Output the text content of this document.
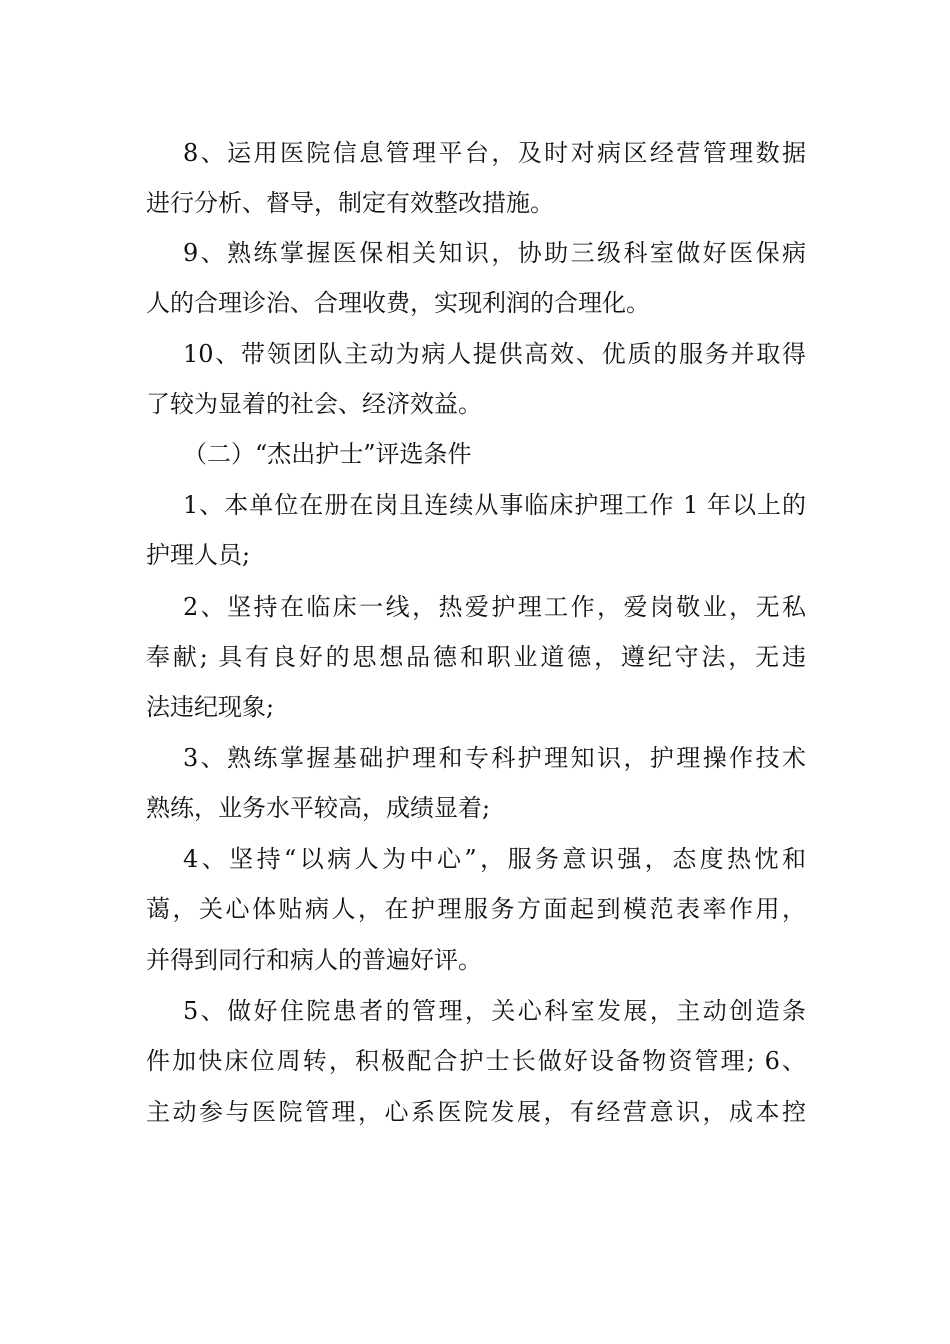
8、运用医院信息管理平台，及时对病区经营管理数据
进行分析、督导，制定有效整改措施。
9、熟练掌握医保相关知识，协助三级科室做好医保病
人的合理诊治、合理收费，实现利润的合理化。
10、带领团队主动为病人提供高效、优质的服务并取得
了较为显着的社会、经济效益。
（二）“杰出护士”评选条件
1、本单位在册在岗且连续从事临床护理工作 1 年以上的
护理人员;
2、坚持在临床一线，热爱护理工作，爱岗敬业，无私
奉献; 具有良好的思想品德和职业道德，遵纪守法，无违
法违纪现象;
3、熟练掌握基础护理和专科护理知识，护理操作技术
熟练，业务水平较高，成绩显着;
4、坚持“以病人为中心”，服务意识强，态度热忱和
蔼，关心体贴病人，在护理服务方面起到模范表率作用，
并得到同行和病人的普遍好评。
5、做好住院患者的管理，关心科室发展，主动创造条
件加快床位周转，积极配合护士长做好设备物资管理; 6、
主动参与医院管理，心系医院发展，有经营意识，成本控
